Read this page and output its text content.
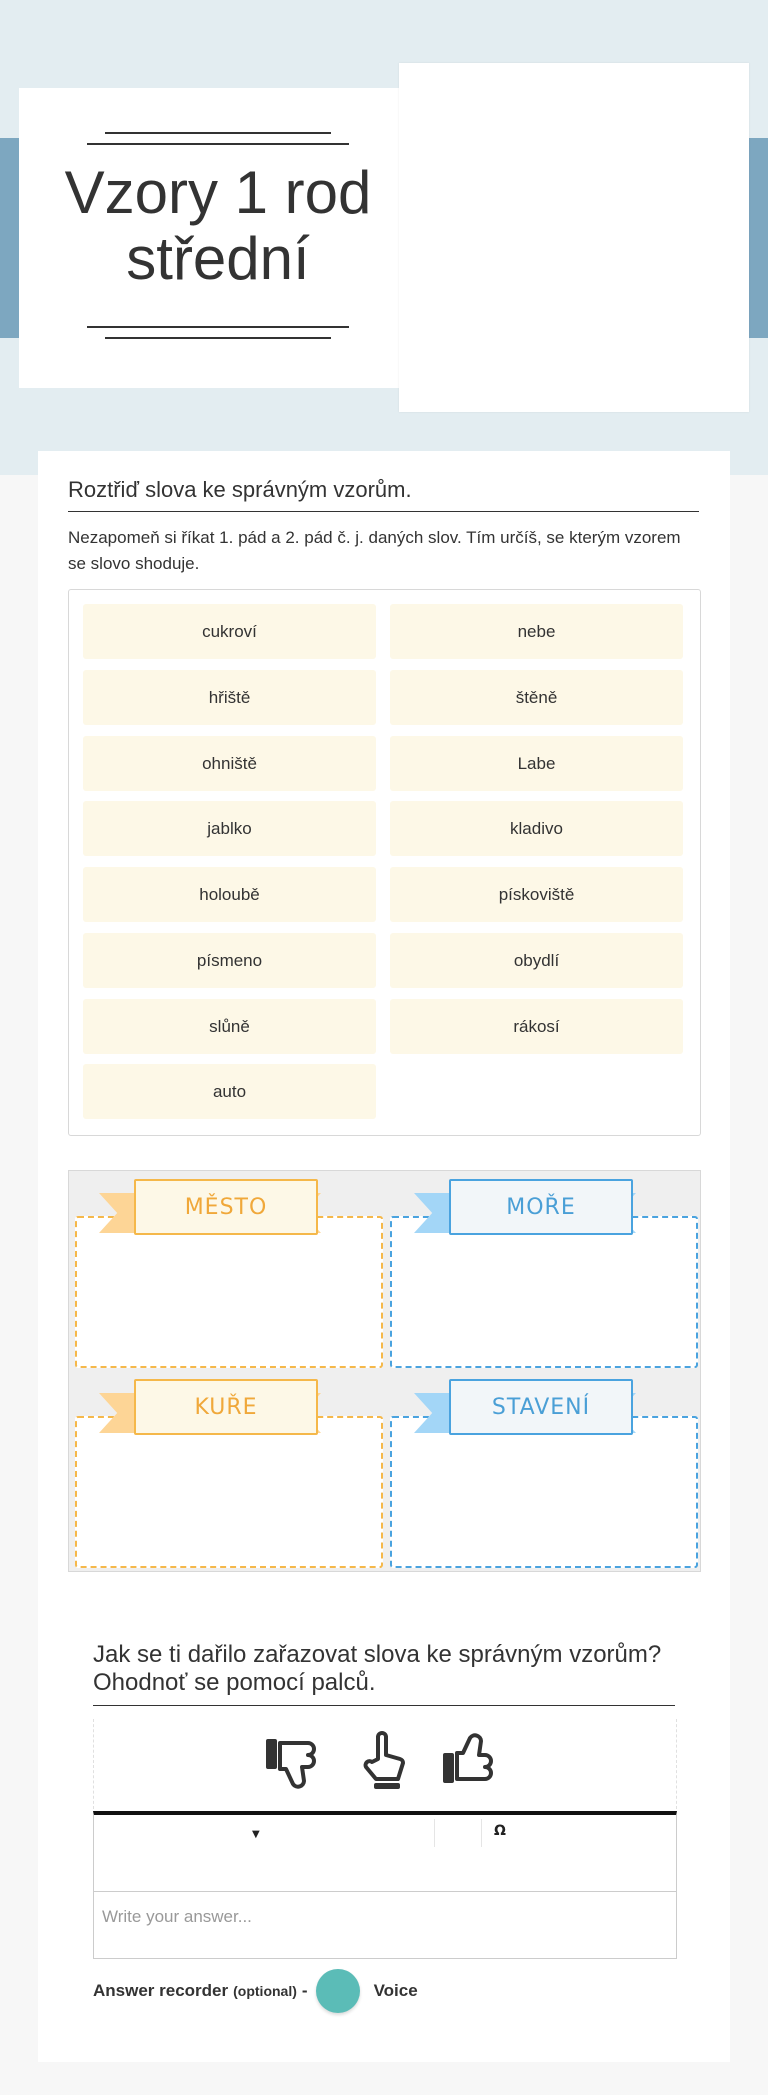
Vzory 1 rod
střední
Roztřiď slova ke správným vzorům.
Nezapomeň si říkat 1. pád a 2. pád č. j. daných slov. Tím určíš, se kterým vzorem se slovo shoduje.
cukroví	nebe
hřiště	štěně
ohniště	Labe
jablko	kladivo
holoubě	pískoviště
písmeno	obydlí
slůně	rákosí
auto
MĚSTO	MOŘE
KUŘE	STAVENÍ
Jak se ti dařilo zařazovat slova ke správným vzorům? Ohodnoť se pomocí palců.
▼	Ω
Write your answer...
Answer recorder (optional) -	Voice
